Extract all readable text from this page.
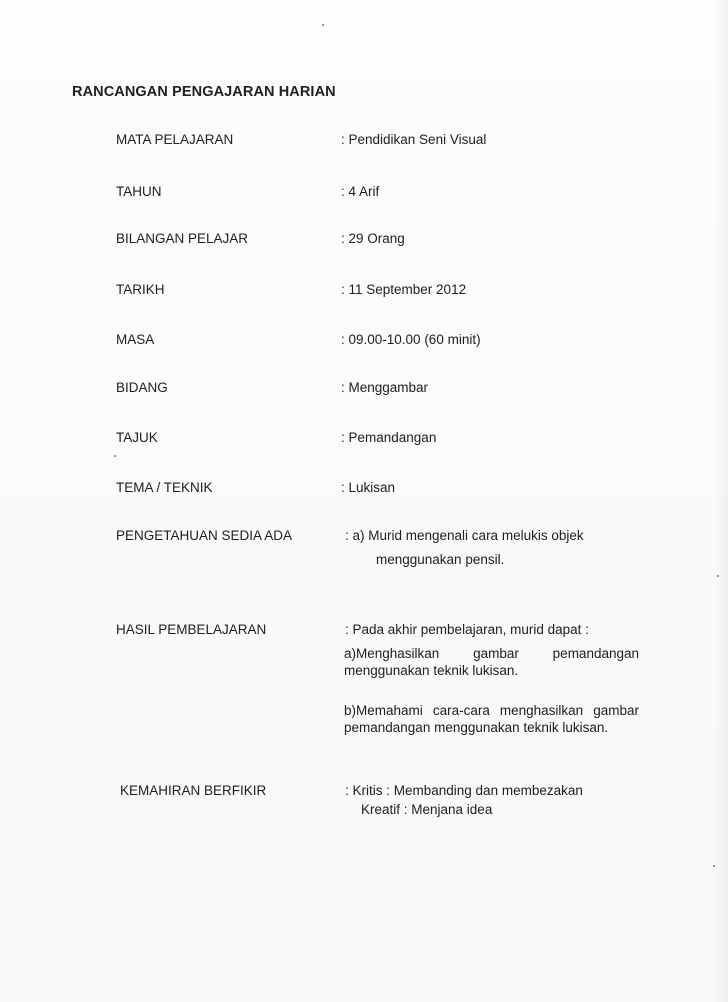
RANCANGAN PENGAJARAN HARIAN
MATA PELAJARAN	: Pendidikan Seni Visual
TAHUN	: 4 Arif
BILANGAN PELAJAR	: 29 Orang
TARIKH	: 11 September 2012
MASA	: 09.00-10.00 (60 minit)
BIDANG	: Menggambar
TAJUK	: Pemandangan
TEMA / TEKNIK	: Lukisan
PENGETAHUAN SEDIA ADA	: a) Murid mengenali cara melukis objek
menggunakan pensil.
HASIL PEMBELAJARAN	: Pada akhir pembelajaran, murid dapat :
a)Menghasilkan gambar pemandangan menggunakan teknik lukisan.
b)Memahami cara-cara menghasilkan gambar pemandangan menggunakan teknik lukisan.
KEMAHIRAN BERFIKIR	: Kritis : Membanding dan membezakan
Kreatif : Menjana idea
